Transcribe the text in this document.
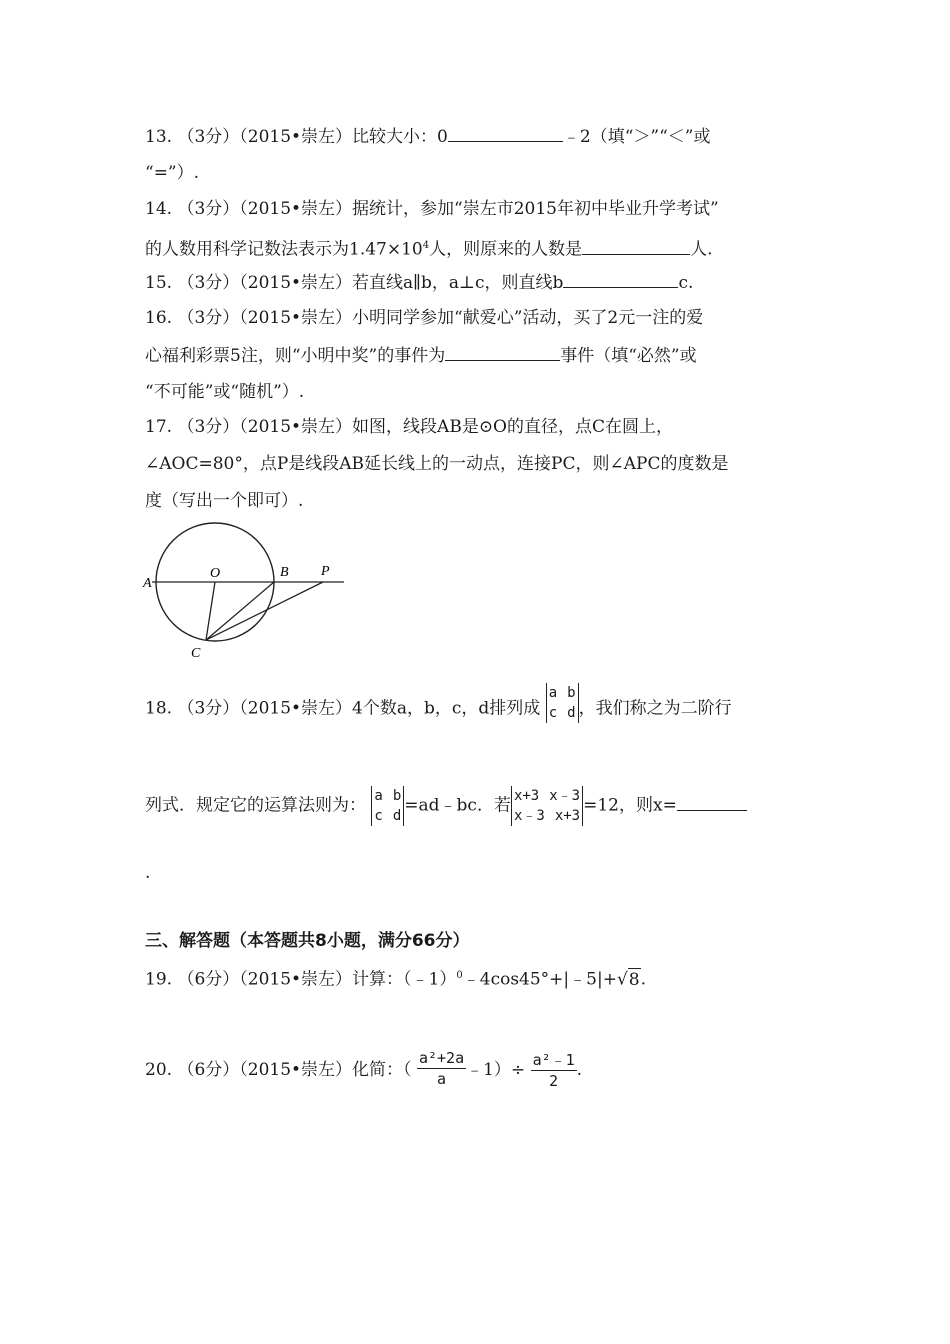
13. （3分）（2015•崇左）比较大小：0	﹣2（填“＞”“＜”或
“=”）.
14. （3分）（2015•崇左）据统计，参加“崇左市2015年初中毕业升学考试”
的人数用科学记数法表示为$1.47\times 10^4$人，则原来的人数是	人.
15. （3分）（2015•崇左）若直线a∥b，a⊥c，则直线b	c.
16. （3分）（2015•崇左）小明同学参加“献爱心”活动，买了2元一注的爱
心福利彩票5注，则“小明中奖”的事件为	事件（填“必然”或
“不可能”或“随机”）.
17. （3分）（2015•崇左）如图，线段AB是⊙O的直径，点C在圆上，
∠AOC=80°，点P是线段AB延长线上的一动点，连接PC，则∠APC的度数是
度（写出一个即可）.
A
O	B P
C
18. （3分）（2015•崇左）4个数a，b，c，d排列成
a b
c d ，我们称之为二阶行
列式．规定它的运算法则为： a b
c d
=ad﹣bc．若 x+3 x﹣3
x﹣3 x+3
=12，则x=
.
三、解答题（本答题共8小题，满分66分）
19. （6分）（2015•崇左）计算：（﹣1）$^0$﹣4cos45°+|﹣5|+√8.
20. （6分）（2015•崇左）化简：（ $\frac{\text{a²+2a}}{a}$ ﹣1）÷ $\frac{\text{a²﹣1}}{2}$ .
